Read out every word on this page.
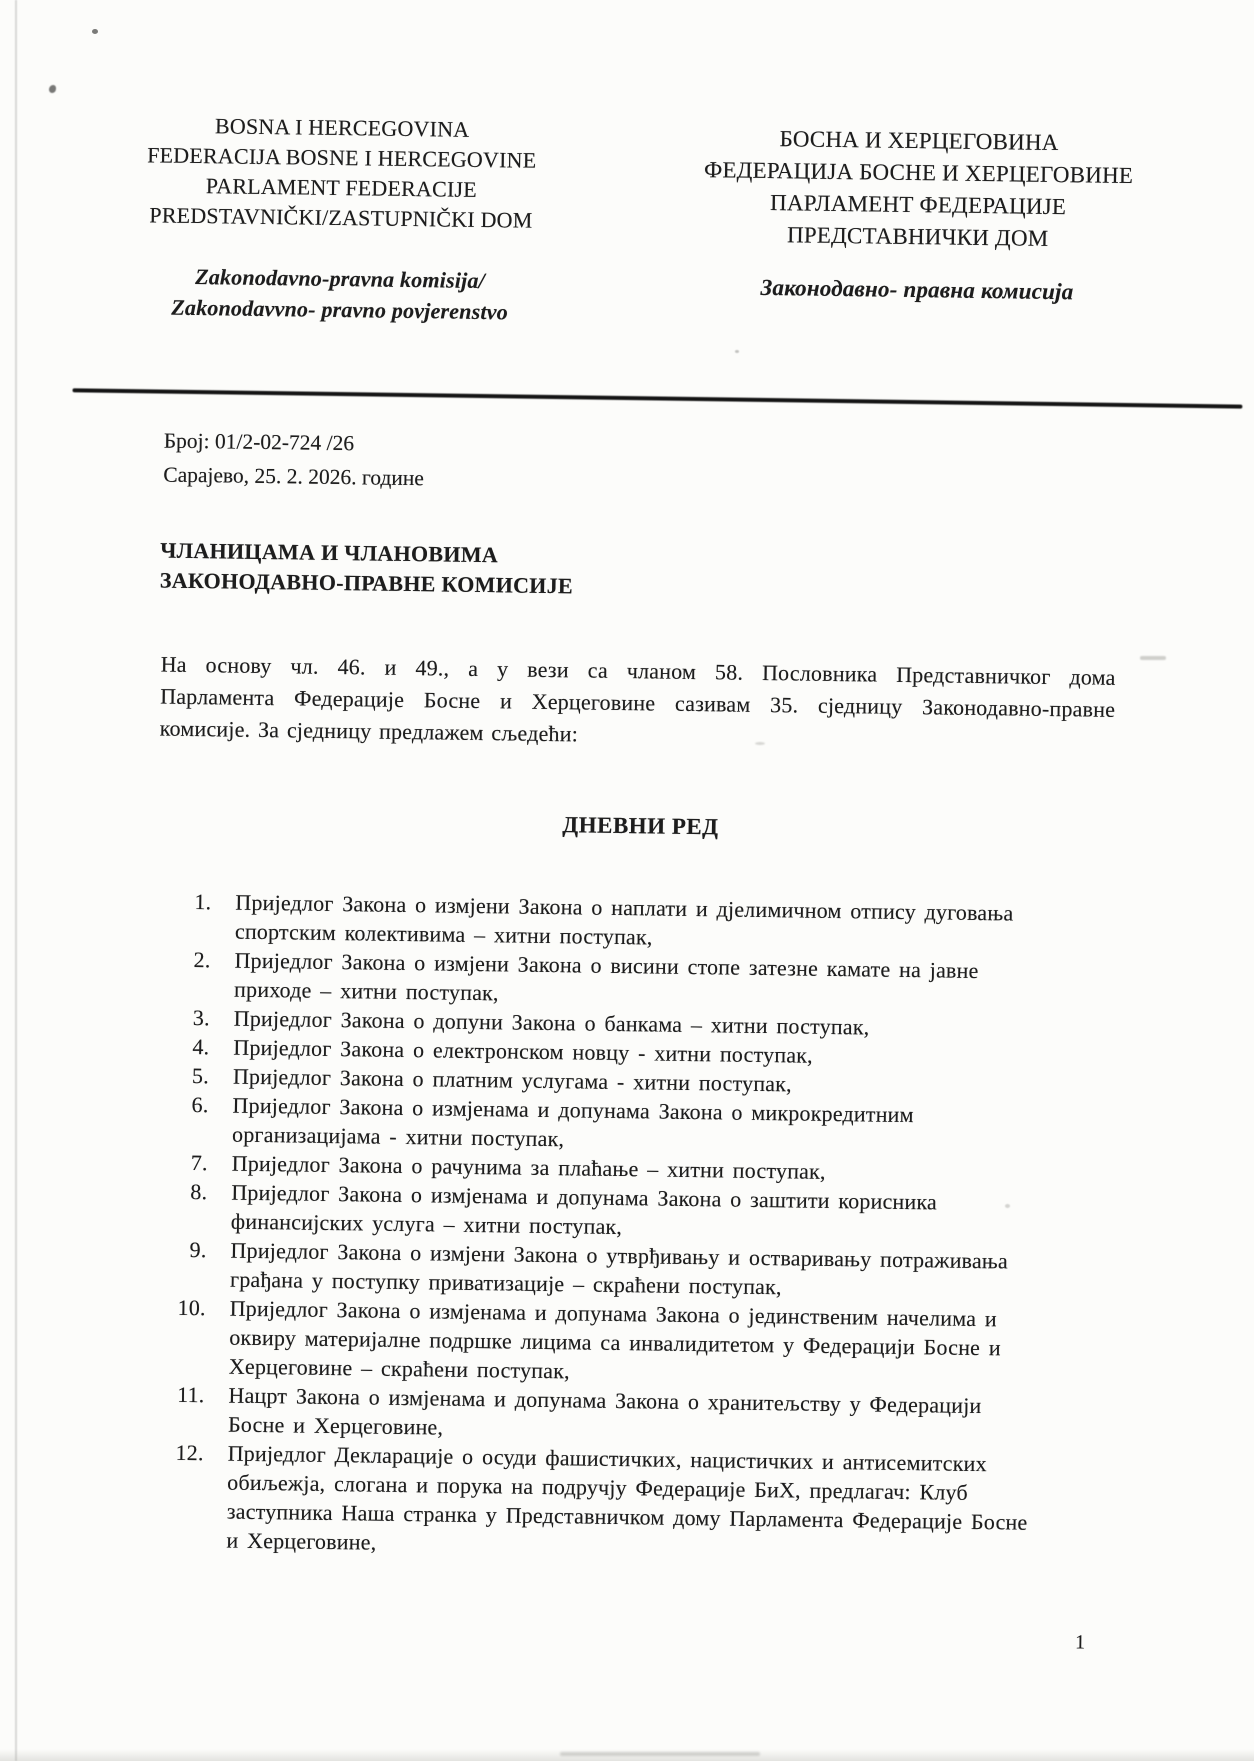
BOSNA I HERCEGOVINA
FEDERACIJA BOSNE I HERCEGOVINE
PARLAMENT FEDERACIJE
PREDSTAVNIČKI/ZASTUPNIČKI DOM
Zakonodavno-pravna komisija/
Zakonodavvno- pravno povjerenstvo
БОСНА И ХЕРЦЕГОВИНА
ФЕДЕРАЦИЈА БОСНЕ И ХЕРЦЕГОВИНЕ
ПАРЛАМЕНТ ФЕДЕРАЦИЈЕ
ПРЕДСТАВНИЧКИ ДОМ
Законодавно- правна комисија
Број: 01/2-02-724 /26
Сарајево, 25. 2. 2026. године
ЧЛАНИЦАМА И ЧЛАНОВИМА
ЗАКОНОДАВНО-ПРАВНЕ КОМИСИЈЕ
На основу чл. 46. и 49., а у вези са чланом 58. Пословника Представничког дома
Парламента Федерације Босне и Херцеговине сазивам 35. сједницу Законодавно-правне
комисије. За сједницу предлажем сљедећи:
ДНЕВНИ РЕД
1. Приједлог Закона о измјени Закона о наплати и дјелимичном отпису дуговања
спортским колективима – хитни поступак,
2. Приједлог Закона о измјени Закона о висини стопе затезне камате на јавне
приходе – хитни поступак,
3. Приједлог Закона о допуни Закона о банкама – хитни поступак,
4. Приједлог Закона о електронском новцу - хитни поступак,
5. Приједлог Закона о платним услугама - хитни поступак,
6. Приједлог Закона о измјенама и допунама Закона о микрокредитним
организацијама - хитни поступак,
7. Приједлог Закона о рачунима за плаћање – хитни поступак,
8. Приједлог Закона о измјенама и допунама Закона о заштити корисника
финансијских услуга – хитни поступак,
9. Приједлог Закона о измјени Закона о утврђивању и остваривању потраживања
грађана у поступку приватизације – скраћени поступак,
10. Приједлог Закона о измјенама и допунама Закона о јединственим начелима и
оквиру материјалне подршке лицима са инвалидитетом у Федерацији Босне и
Херцеговине – скраћени поступак,
11. Нацрт Закона о измјенама и допунама Закона о хранитељству у Федерацији
Босне и Херцеговине,
12. Приједлог Декларације о осуди фашистичких, нацистичких и антисемитских
обиљежја, слогана и порука на подручју Федерације БиХ, предлагач: Клуб
заступника Наша странка у Представничком дому Парламента Федерације Босне
и Херцеговине,
1
